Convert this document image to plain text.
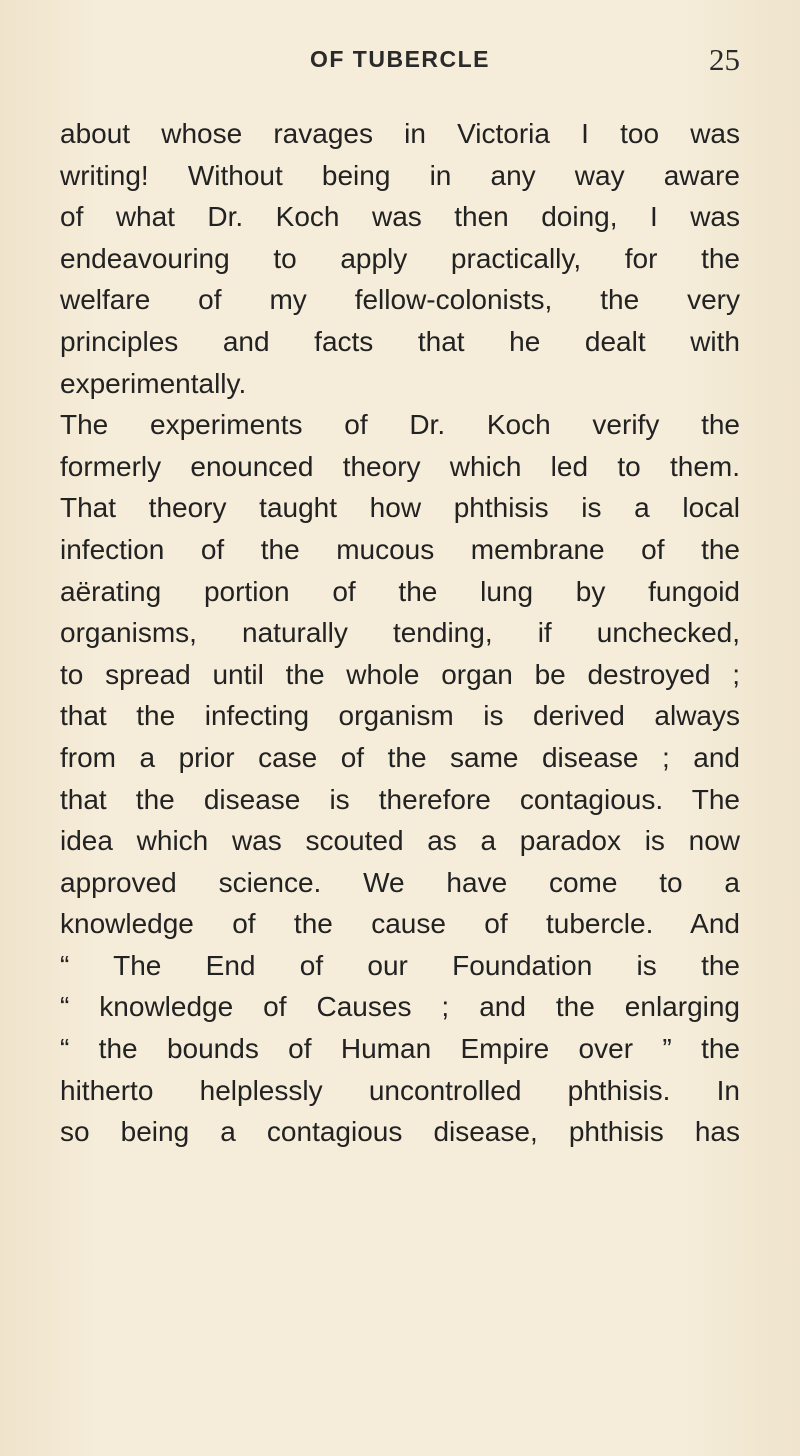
OF TUBERCLE	25
about whose ravages in Victoria I too was
writing! Without being in any way aware
of what Dr. Koch was then doing, I was
endeavouring to apply practically, for the
welfare of my fellow-colonists, the very
principles and facts that he dealt with
experimentally.
The experiments of Dr. Koch verify the
formerly enounced theory which led to them.
That theory taught how phthisis is a local
infection of the mucous membrane of the
aërating portion of the lung by fungoid
organisms, naturally tending, if unchecked,
to spread until the whole organ be destroyed ;
that the infecting organism is derived always
from a prior case of the same disease ; and
that the disease is therefore contagious. The
idea which was scouted as a paradox is now
approved science. We have come to a
knowledge of the cause of tubercle. And
“ The End of our Foundation is the
“ knowledge of Causes ; and the enlarging
“ the bounds of Human Empire over ” the
hitherto helplessly uncontrolled phthisis. In
so being a contagious disease, phthisis has
